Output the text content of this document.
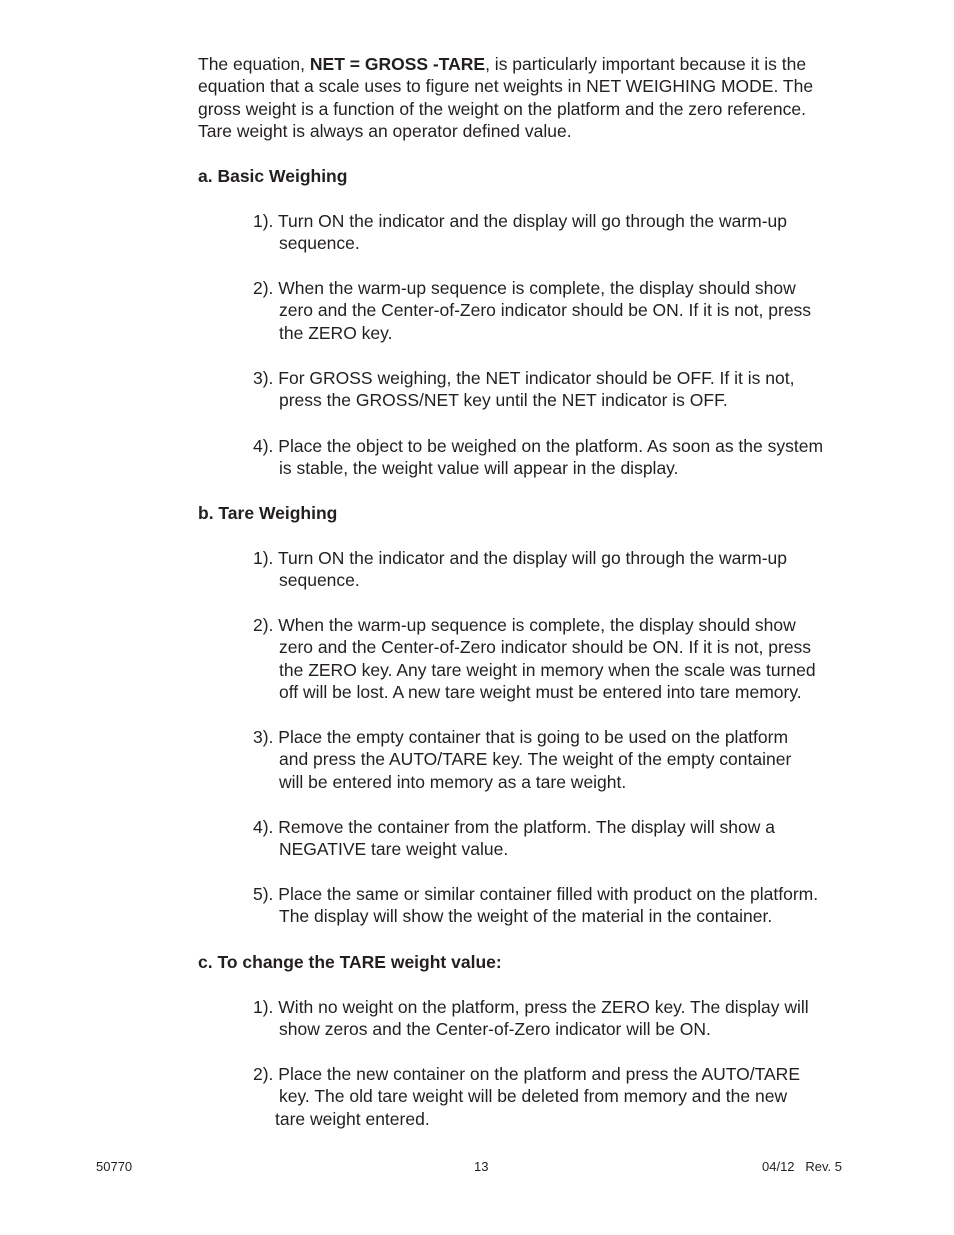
The equation, NET = GROSS -TARE, is particularly important because it is the
equation that a scale uses to figure net weights in NET WEIGHING MODE. The
gross weight is a function of the weight on the platform and the zero reference.
Tare weight is always an operator defined value.

a. Basic Weighing
1). Turn ON the indicator and the display will go through the warm-up
sequence.
2). When the warm-up sequence is complete, the display should show
zero and the Center-of-Zero indicator should be ON. If it is not, press
the ZERO key.
3). For GROSS weighing, the NET indicator should be OFF. If it is not,
press the GROSS/NET key until the NET indicator is OFF.
4). Place the object to be weighed on the platform. As soon as the system
is stable, the weight value will appear in the display.
b. Tare Weighing
1). Turn ON the indicator and the display will go through the warm-up
sequence.
2). When the warm-up sequence is complete, the display should show
zero and the Center-of-Zero indicator should be ON. If it is not, press
the ZERO key. Any tare weight in memory when the scale was turned
off will be lost. A new tare weight must be entered into tare memory.
3). Place the empty container that is going to be used on the platform
and press the AUTO/TARE key. The weight of the empty container
will be entered into memory as a tare weight.
4). Remove the container from the platform. The display will show a
NEGATIVE tare weight value.
5). Place the same or similar container filled with product on the platform.
The display will show the weight of the material in the container.
c. To change the TARE weight value:
1). With no weight on the platform, press the ZERO key. The display will
show zeros and the Center-of-Zero indicator will be ON.
2). Place the new container on the platform and press the AUTO/TARE
key. The old tare weight will be deleted from memory and the new
tare weight entered.
50770	13	04/12   Rev. 5
